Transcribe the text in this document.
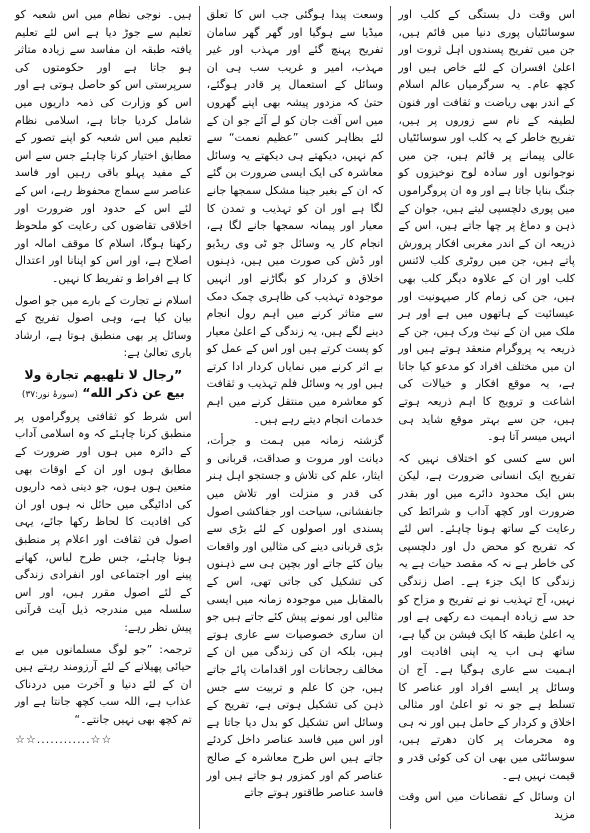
اس وقت دل بستگی کے کلب اور سوسائٹیاں پوری دنیا میں قائم ہیں، جن میں تفریح پسندوں اہل ثروت اور اعلیٰ افسران کے لئے خاص ہیں اور کچھ عام۔ یہ سرگرمیاں عالم اسلام کے اندر بھی ریاضت و ثقافت اور فنون لطیفہ کے نام سے زوروں پر ہیں، تفریح خاطر کے یہ کلب اور سوسائٹیاں عالی پیمانے پر قائم ہیں، جن میں نوجوانوں اور سادہ لوح نوخیزوں کو جنگ بنایا جاتا ہے اور وہ ان پروگراموں میں پوری دلچسپی لیتے ہیں، جوان کے ذہن و دماغ پر چھا جاتے ہیں، اس کے ذریعہ ان کے اندر مغربی افکار پرورش پاتے ہیں، جن میں روٹری کلب لائنس کلب اور ان کے علاوہ دیگر کلب بھی ہیں، جن کی زمام کار صیہونیت اور عیسائیت کے ہاتھوں میں ہے اور ہر ملک میں ان کے نیٹ ورک ہیں، جن کے ذریعہ یہ پروگرام منعقد ہوتے ہیں اور ان میں مختلف افراد کو مدعو کیا جاتا ہے، یہ موقع افکار و خیالات کی اشاعت و ترویج کا اہم ذریعہ ہوتے ہیں، جن سے بہتر موقع شاید ہی انہیں میسر آتا ہو۔

اس سے کسی کو اختلاف نہیں کہ تفریح ایک انسانی ضرورت ہے، لیکن بس ایک محدود دائرے میں اور بقدر ضرورت اور کچھ آداب و شرائط کی رعایت کے ساتھ ہونا چاہئے۔ اس لئے کہ تفریح کو محض دل اور دلچسپی کی خاطر ہے نہ کہ مقصد حیات ہے یہ زندگی کا ایک جزء ہے۔ اصل زندگی نہیں، آج تہذیب نو نے تفریح و مزاح کو حد سے زیادہ اہمیت دے رکھی ہے اور یہ اعلیٰ طبقہ کا ایک فیشن بن گیا ہے، ساتھ ہی اب یہ اپنی افادیت اور اہمیت سے عاری ہوگیا ہے۔ آج ان وسائل پر ایسے افراد اور عناصر کا تسلط ہے جو نہ تو اعلیٰ اور مثالی اخلاق و کردار کے حامل ہیں اور نہ ہی وہ محرمات پر کان دھرتے ہیں، سوسائٹی میں بھی ان کی کوئی قدر و قیمت نہیں ہے۔

ان وسائل کے نقصانات میں اس وقت مزید

وسعت پیدا ہوگئی جب اس کا تعلق میڈیا سے ہوگیا اور گھر گھر سامان تفریح پہنچ گئے اور مہذب اور غیر مہذب، امیر و غریب سب ہی ان وسائل کے استعمال پر قادر ہوگئے، حتیٰ کہ مزدور پیشہ بھی اپنے گھروں میں اس آفت جان کو لے آئے جو ان کے لئے بظاہر کسی ”عظیم نعمت“ سے کم نہیں، دیکھتے ہی دیکھتے یہ وسائل معاشرہ کی ایک ایسی ضرورت بن گئے کہ ان کے بغیر جینا مشکل سمجھا جانے لگا ہے اور ان کو تہذیب و تمدن کا معیار اور پیمانہ سمجھا جانے لگا ہے، انجام کار یہ وسائل جو ٹی وی ریڈیو اور ڈش کی صورت میں ہیں، ذہنوں اخلاق و کردار کو بگاڑنے اور انہیں موجودہ تہذیب کی ظاہری چمک دمک سے متاثر کرنے میں اہم رول انجام دینے لگے ہیں، یہ زندگی کے اعلیٰ معیار کو پست کرتے ہیں اور اس کے عمل کو بے اثر کرنے میں نمایاں کردار ادا کرتے ہیں اور یہ وسائل فلم تہذیب و ثقافت کو معاشرہ میں منتقل کرنے میں اہم خدمات انجام دیتے رہے ہیں۔

گزشتہ زمانہ میں ہمت و جرأت، دیانت اور مروت و صداقت، قربانی و ایثار، علم کی تلاش و جستجو اہل ہنر کی قدر و منزلت اور تلاش میں جانفشانی، سیاحت اور جفاکشی اصول پسندی اور اصولوں کے لئے بڑی سے بڑی قربانی دینے کی مثالیں اور واقعات بیان کئے جاتے اور بچپن ہی سے ذہنوں کی تشکیل کی جاتی تھی، اس کے بالمقابل میں موجودہ زمانہ میں ایسی مثالیں اور نمونے پیش کئے جاتے ہیں جو ان ساری خصوصیات سے عاری ہوتے ہیں، بلکہ ان کی زندگی میں ان کے مخالف رجحانات اور اقدامات پائے جاتے ہیں، جن کا علم و تربیت سے جس ذہن کی تشکیل ہوتی ہے، تفریح کے وسائل اس تشکیل کو بدل دیا جاتا ہے اور اس میں فاسد عناصر داخل کردئے جاتے ہیں اس طرح معاشرہ کے صالح عناصر کم اور کمزور ہو جاتے ہیں اور فاسد عناصر طاقتور ہوتے جاتے

ہیں۔ نوجی نظام میں اس شعبہ کو تعلیم سے جوڑ دیا ہے اس لئے تعلیم یافتہ طبقہ ان مفاسد سے زیادہ متاثر ہو جاتا ہے اور حکومتوں کی سرپرستی اس کو حاصل ہوتی ہے اور اس کو وزارت کی ذمہ داریوں میں شامل کردیا جاتا ہے، اسلامی نظام تعلیم میں اس شعبہ کو اپنے تصور کے مطابق اختیار کرنا چاہئے جس سے اس کے مفید پہلو باقی رہیں اور فاسد عناصر سے سماج محفوظ رہے، اس کے لئے اس کے حدود اور ضرورت اور اخلاقی تقاضوں کی رعایت کو ملحوظ رکھنا ہوگا، اسلام کا موقف امالہ اور اصلاح ہے، اور اس کو اپنانا اور اعتدال کا ہے افراط و تفریط کا نہیں۔

اسلام نے تجارت کے بارے میں جو اصول بیان کیا ہے، وہی اصول تفریح کے وسائل پر بھی منطبق ہوتا ہے، ارشاد باری تعالیٰ ہے:

”رجال لا تلهيهم تجارة ولا بيع عن ذكر الله“ (سورۂ نور:۳۷)

اس شرط کو ثقافتی پروگراموں پر منطبق کرنا چاہئے کہ وہ اسلامی آداب کے دائرہ میں ہوں اور ضرورت کے مطابق ہوں اور ان کے اوقات بھی متعین ہوں ہوں، جو دینی ذمہ داریوں کی ادائیگی میں حائل نہ ہوں اور ان کی افادیت کا لحاظ رکھا جائے، یہی اصول فن ثقافت اور اعلام پر منطبق ہونا چاہئے، جس طرح لباس، کھانے پینے اور اجتماعی اور انفرادی زندگی کے لئے اصول مقرر ہیں، اور اس سلسلہ میں مندرجہ ذیل آیت قرآنی پیش نظر رہے:

ترجمہ: ”جو لوگ مسلمانوں میں بے حیائی پھیلانے کے لئے آرزومند رہتے ہیں ان کے لئے دنیا و آخرت میں دردناک عذاب ہے، اللہ سب کچھ جانتا ہے اور تم کچھ بھی نہیں جانتے۔“

☆☆............☆☆
